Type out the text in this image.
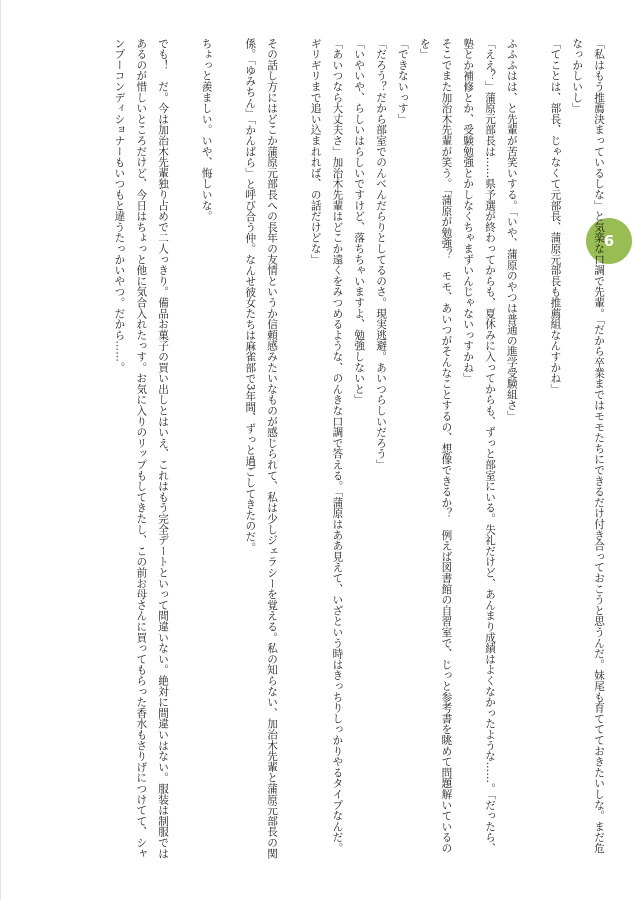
6

「私はもう推薦決まっているしな」と気楽な口調で先輩。「だから卒業まではモモたちにできるだけ付き合っておこうと思うんだ。妹尾も育ててておきたいしな。まだ危なっかしいし」

「てことは、部長、じゃなくて元部長、蒲原元部長も推薦組なんすかね」

ふふふはは、と先輩が苦笑いする。「いや、蒲原のやつは普通の進学受験組さ」

「ええ？」蒲原元部長は……県予選が終わってからも、夏休みに入ってからも、ずっと部室にいる。失礼だけど、あんまり成績はよくなかったような……。「だったら、塾とか補修とか、受験勉強とかしなくちゃまずいんじゃないっすかね」

そこでまた加治木先輩が笑う。「蒲原が勉強？　モモ、あいつがそんなことするの、想像できるか？　例えば図書館の自習室で、じっと参考書を眺めて問題解いているのを」

「できないっす」

「だろう？だから部室でのんべんだらりとしてるのさ。現実逃避。あいつらしいだろう」

「いやいや、らしいはらしいですけど、落ちちゃいますよ、勉強しないと」

「あいつなら大丈夫さ」加治木先輩はどこか遠くをみつめるような、のんきな口調で答える。「蒲原はああ見えて、いざという時はきっちりしっかりやるタイプなんだ。ギリギリまで追い込まれれば、の話だけどな」

その話し方にはどこか蒲原元部長への長年の友情というか信頼感みたいなものが感じられて、私は少しジェラシーを覚える。私の知らない、加治木先輩と蒲原元部長の関係。「ゆみちん」「かんばら」と呼び合う仲。なんせ彼女たちは麻雀部で3年間、ずっと過ごしてきたのだ。

ちょっと羨ましい。いや、悔しいな。

でも！　だ。今は加治木先輩独り占めで二人っきり。備品お菓子の買い出しとはいえ、これはもう完全デートといって間違いない。絶対に間違いはない。服装は制服ではあるのが惜しいところだけど、今日はちょっと他に気合入れたっす。お気に入りのリップもしてきたし、この前お母さんに買ってもらった香水もさりげにつけてて、シャンプーコンディショナーもいつもと違うたっかいやつ。だから……。
